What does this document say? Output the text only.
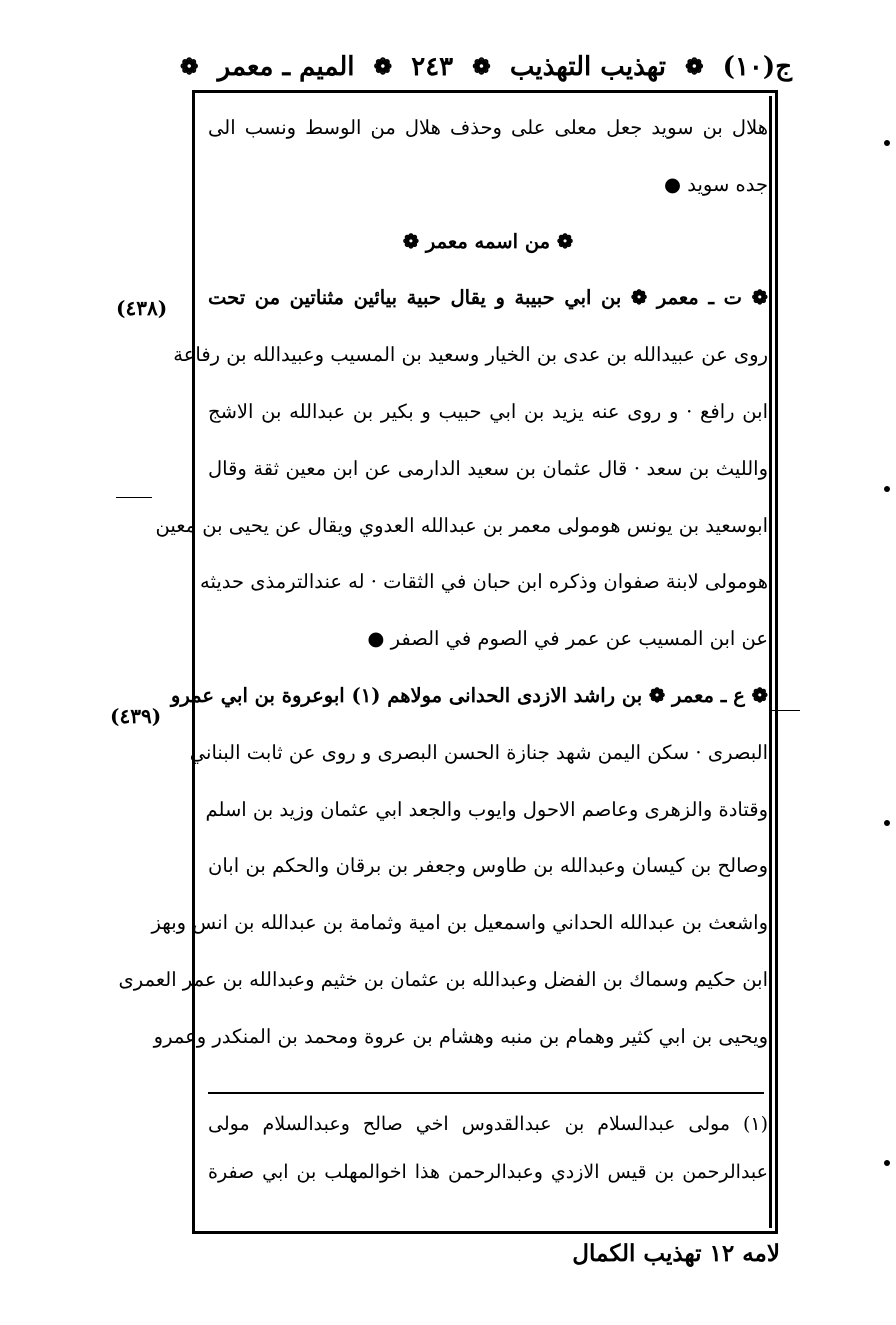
ج(١٠)
❁
تهذيب التهذيب
❁
٢٤٣
❁
الميم ـ معمر
❁
هلال بن سويد جعل معلى على وحذف هلال من الوسط ونسب الى
جده سويد ●
❁ من اسمه معمر ❁
❁ ت ـ معمر ❁ بن ابي حبيبة و يقال حبية بيائين مثناتين من تحت
روى عن عبيدالله بن عدى بن الخيار وسعيد بن المسيب وعبيدالله بن رفاعة
ابن رافع · و روى عنه يزيد بن ابي حبيب و بكير بن عبدالله بن الاشج
والليث بن سعد · قال عثمان بن سعيد الدارمى عن ابن معين ثقة وقال
ابوسعيد بن يونس هومولى معمر بن عبدالله العدوي ويقال عن يحيى بن معين
هومولى لابنة صفوان وذكره ابن حبان في الثقات · له عندالترمذى حديثه
عن ابن المسيب عن عمر في الصوم في الصفر ●
❁ ع ـ معمر ❁ بن راشد الازدى الحدانى مولاهم (١) ابوعروة بن ابي عمرو
البصرى · سكن اليمن شهد جنازة الحسن البصرى و روى عن ثابت البناني
وقتادة والزهرى وعاصم الاحول وايوب والجعد ابي عثمان وزيد بن اسلم
وصالح بن كيسان وعبدالله بن طاوس وجعفر بن برقان والحكم بن ابان
واشعث بن عبدالله الحداني واسمعيل بن امية وثمامة بن عبدالله بن انس وبهز
ابن حكيم وسماك بن الفضل وعبدالله بن عثمان بن خثيم وعبدالله بن عمر العمرى
ويحيى بن ابي كثير وهمام بن منبه وهشام بن عروة ومحمد بن المنكدر وعمرو
(١) مولى عبدالسلام بن عبدالقدوس اخي صالح وعبدالسلام مولى
عبدالرحمن بن قيس الازدي وعبدالرحمن هذا اخوالمهلب بن ابي صفرة
(٤٣٨)
(٤٣٩)
لامه ١٢ تهذيب الكمال
